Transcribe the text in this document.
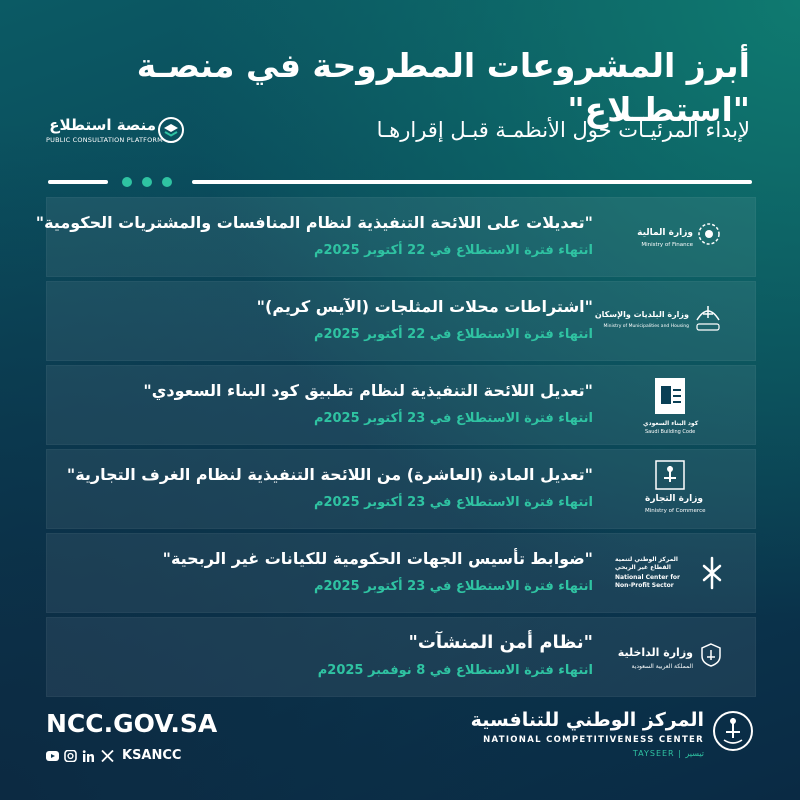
أبرز المشروعات المطروحة في منصـة "استطـلاع"
منصة استطلاع
PUBLIC CONSULTATION PLATFORM	لإبداء المرئيـات حول الأنظمـة قبـل إقرارهـا
"تعديلات على اللائحة التنفيذية لنظام المنافسات والمشتريات الحكومية"
انتهاء فترة الاستطلاع في 22 أكتوبر 2025م
وزارة المالية
Ministry of Finance
"اشتراطات محلات المثلجات (الآيس كريم)"
انتهاء فترة الاستطلاع في 22 أكتوبر 2025م
وزارة البلديات والإسكان
Ministry of Municipalities and Housing
"تعديل اللائحة التنفيذية لنظام تطبيق كود البناء السعودي"
انتهاء فترة الاستطلاع في 23 أكتوبر 2025م	كود البناء السعودي
Saudi Building Code
"تعديل المادة (العاشرة) من اللائحة التنفيذية لنظام الغرف التجارية"
انتهاء فترة الاستطلاع في 23 أكتوبر 2025م	وزارة التجارة
Ministry of Commerce
"ضوابط تأسيس الجهات الحكومية للكيانات غير الربحية"
انتهاء فترة الاستطلاع في 23 أكتوبر 2025م
المركز الوطني لتنمية القطاع غير الربحي
National Center for Non-Profit Sector
"نظام أمن المنشآت"
انتهاء فترة الاستطلاع في 8 نوفمبر 2025م
وزارة الداخلية
المملكة العربية السعودية
NCC.GOV.SA
KSANCC
المركز الوطني للتنافسية
NATIONAL COMPETITIVENESS CENTER
TAYSEER | تيسير
